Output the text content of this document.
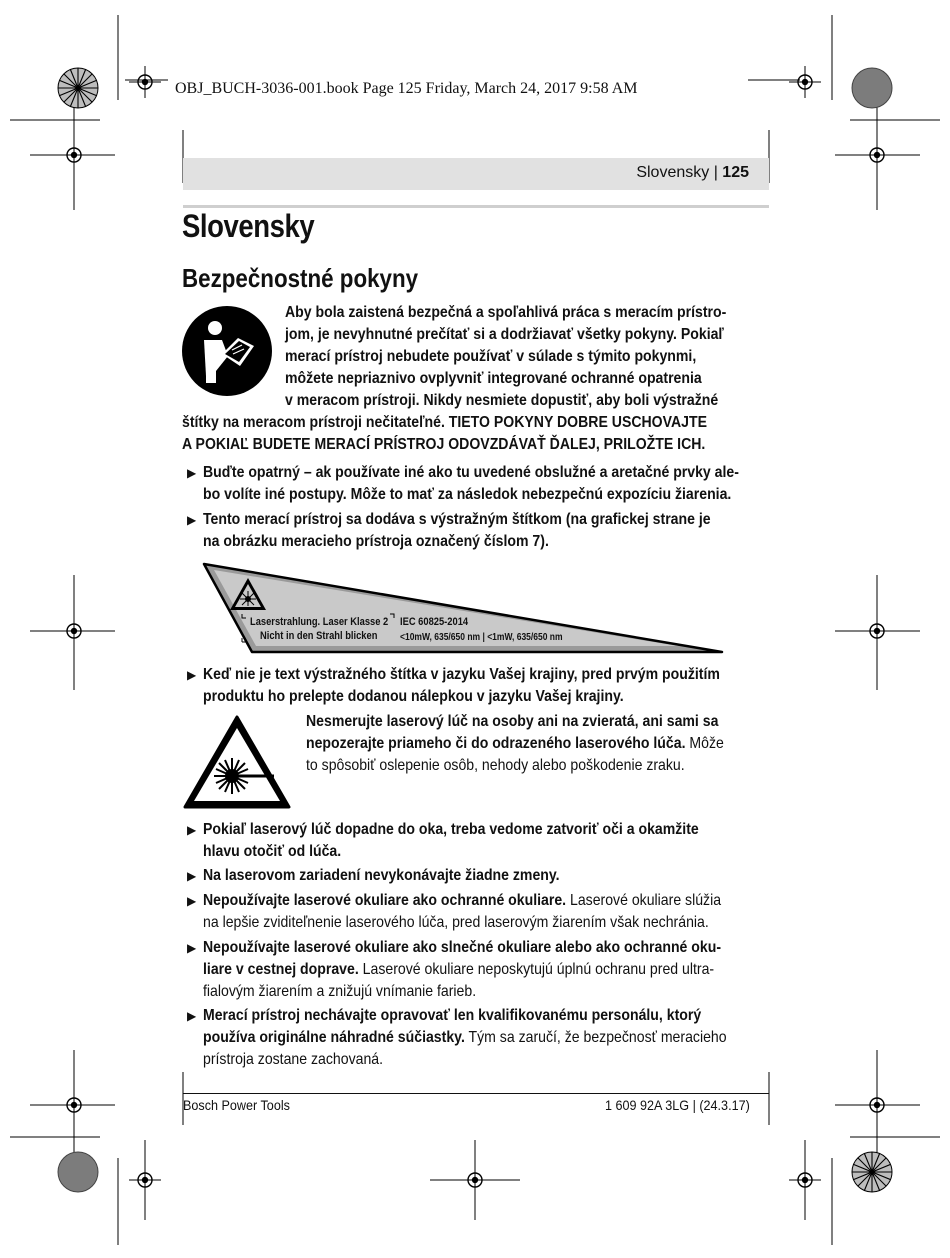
OBJ_BUCH-3036-001.book Page 125 Friday, March 24, 2017 9:58 AM
Slovensky | 125
Slovensky
Bezpečnostné pokyny
Aby bola zaistená bezpečná a spoľahlivá práca s meracím prístro-
jom, je nevyhnutné prečítať si a dodržiavať všetky pokyny. Pokiaľ
merací prístroj nebudete používať v súlade s týmito pokynmi,
môžete nepriaznivo ovplyvniť integrované ochranné opatrenia
v meracom prístroji. Nikdy nesmiete dopustiť, aby boli výstražné
štítky na meracom prístroji nečitateľné. TIETO POKYNY DOBRE USCHOVAJTE
A POKIAĽ BUDETE MERACÍ PRÍSTROJ ODOVZDÁVAŤ ĎALEJ, PRILOŽTE ICH.
▶ Buďte opatrný – ak používate iné ako tu uvedené obslužné a aretačné prvky ale-
bo volíte iné postupy. Môže to mať za následok nebezpečnú expozíciu žiarenia.
▶ Tento merací prístroj sa dodáva s výstražným štítkom (na grafickej strane je
na obrázku meracieho prístroja označený číslom 7).
Laserstrahlung. Laser Klasse 2
Nicht in den Strahl blicken
IEC 60825-2014
<10mW, 635/650 nm | <1mW, 635/650 nm
▶ Keď nie je text výstražného štítka v jazyku Vašej krajiny, pred prvým použitím
produktu ho prelepte dodanou nálepkou v jazyku Vašej krajiny.
Nesmerujte laserový lúč na osoby ani na zvieratá, ani sami sa
nepozerajte priameho či do odrazeného laserového lúča. Môže
to spôsobiť oslepenie osôb, nehody alebo poškodenie zraku.
▶ Pokiaľ laserový lúč dopadne do oka, treba vedome zatvoriť oči a okamžite
hlavu otočiť od lúča.
▶ Na laserovom zariadení nevykonávajte žiadne zmeny.
▶ Nepoužívajte laserové okuliare ako ochranné okuliare. Laserové okuliare slúžia
na lepšie zviditeľnenie laserového lúča, pred laserovým žiarením však nechránia.
▶ Nepoužívajte laserové okuliare ako slnečné okuliare alebo ako ochranné oku-
liare v cestnej doprave. Laserové okuliare neposkytujú úplnú ochranu pred ultra-
fialovým žiarením a znižujú vnímanie farieb.
▶ Merací prístroj nechávajte opravovať len kvalifikovanému personálu, ktorý
používa originálne náhradné súčiastky. Tým sa zaručí, že bezpečnosť meracieho
prístroja zostane zachovaná.
Bosch Power Tools	1 609 92A 3LG | (24.3.17)
